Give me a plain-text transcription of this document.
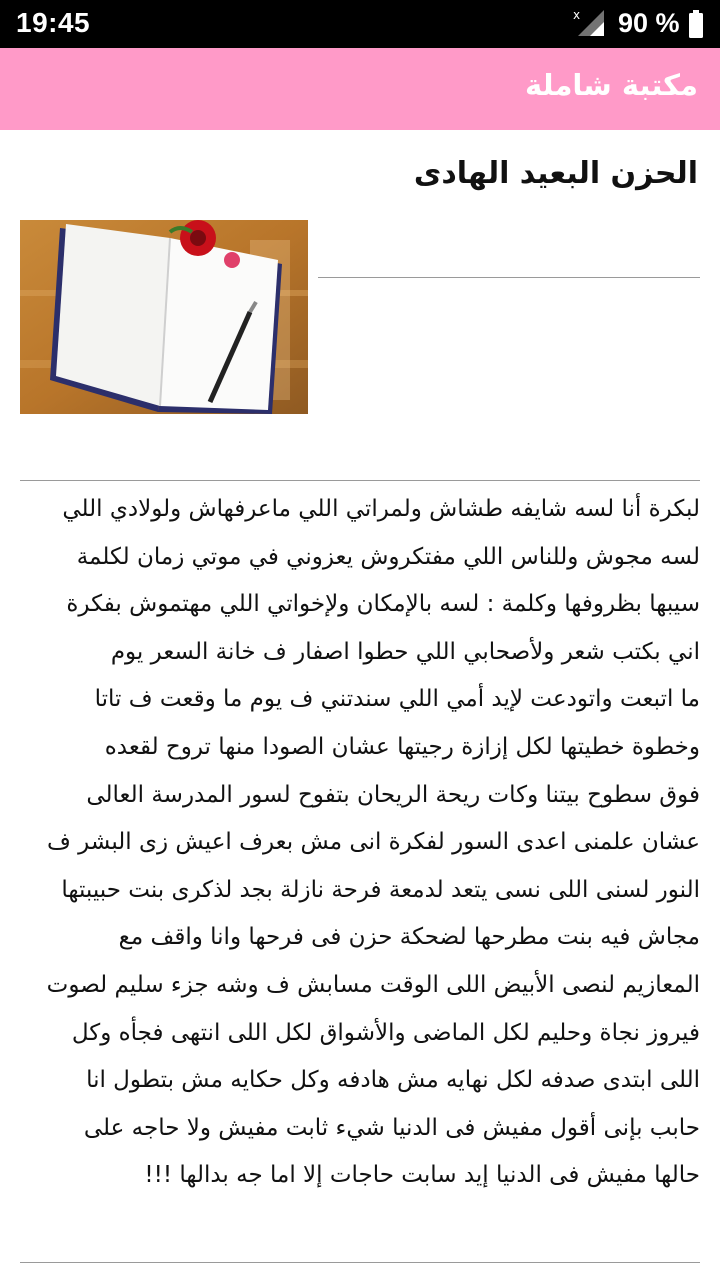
19:45	x 90 %
مكتبة شاملة
الحزن البعيد الهادى
لبكرة أنا لسه شايفه طشاش ولمراتي اللي ماعرفهاش ولولادي اللي
لسه مجوش وللناس اللي مفتكروش يعزوني في موتي زمان لكلمة
سيبها بظروفها وكلمة : لسه بالإمكان ولإخواتي اللي مهتموش بفكرة
اني بكتب شعر ولأصحابي اللي حطوا اصفار ف خانة السعر يوم
ما اتبعت واتودعت لإيد أمي اللي سندتني ف يوم ما وقعت ف تاتا
وخطوة خطيتها لكل إزازة رجيتها عشان الصودا منها تروح لقعده
فوق سطوح بيتنا وكات ريحة الريحان بتفوح لسور المدرسة العالى
عشان علمنى اعدى السور لفكرة انى مش بعرف اعيش زى البشر ف
النور لسنى اللى نسى يتعد لدمعة فرحة نازلة بجد لذكرى بنت حبيبتها
مجاش فيه بنت مطرحها لضحكة حزن فى فرحها وانا واقف مع
المعازيم لنصى الأبيض اللى الوقت مسابش ف وشه جزء سليم لصوت
فيروز نجاة وحليم لكل الماضى والأشواق لكل اللى انتهى فجأه وكل
اللى ابتدى صدفه لكل نهايه مش هادفه وكل حكايه مش بتطول انا
حابب بإنى أقول مفيش فى الدنيا شيء ثابت مفيش ولا حاجه على
حالها مفيش فى الدنيا إيد سابت حاجات إلا اما جه بدالها !!!
